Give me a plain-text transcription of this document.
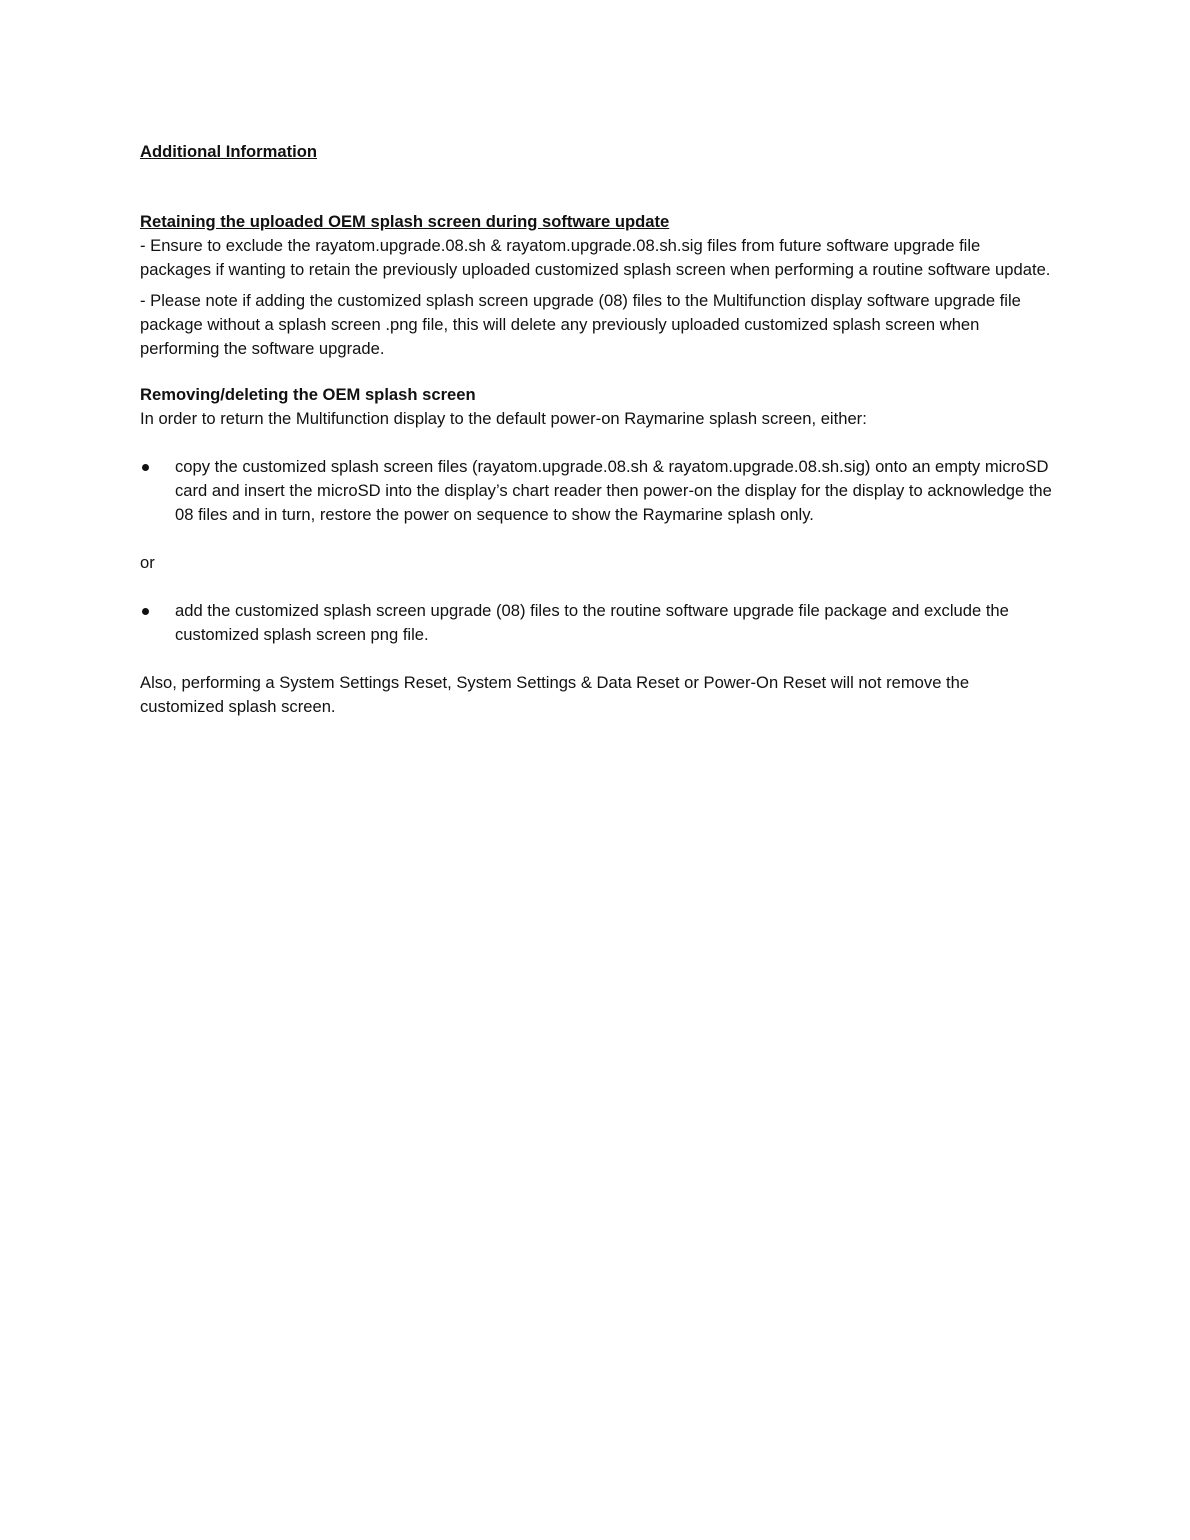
Additional Information
Retaining the uploaded OEM splash screen during software update

- Ensure to exclude the rayatom.upgrade.08.sh & rayatom.upgrade.08.sh.sig files from future software upgrade file packages if wanting to retain the previously uploaded customized splash screen when performing a routine software update.

- Please note if adding the customized splash screen upgrade (08) files to the Multifunction display software upgrade file package without a splash screen .png file, this will delete any previously uploaded customized splash screen when performing the software upgrade.

Removing/deleting the OEM splash screen

In order to return the Multifunction display to the default power-on Raymarine splash screen, either:

copy the customized splash screen files (rayatom.upgrade.08.sh & rayatom.upgrade.08.sh.sig) onto an empty microSD card and insert the microSD into the display’s chart reader then power-on the display for the display to acknowledge the 08 files and in turn, restore the power on sequence to show the Raymarine splash only.

or

add the customized splash screen upgrade (08) files to the routine software upgrade file package and exclude the customized splash screen png file.

Also, performing a System Settings Reset, System Settings & Data Reset or Power-On Reset will not remove the customized splash screen.
